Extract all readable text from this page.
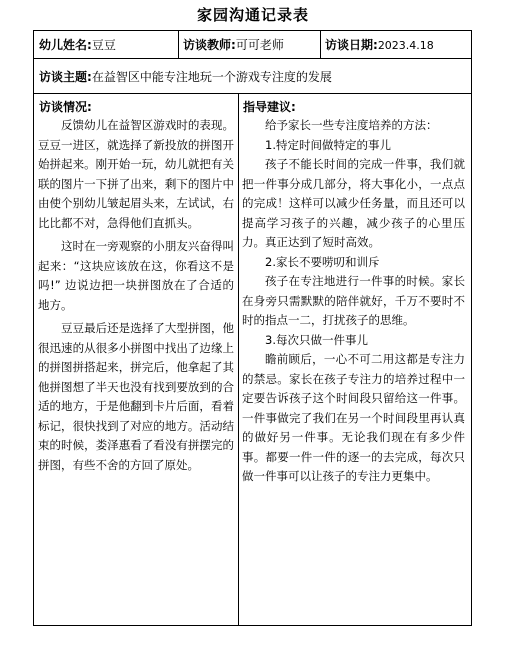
家园沟通记录表
幼儿姓名:豆豆	访谈教师:可可老师	访谈日期:2023.4.18
访谈主题:在益智区中能专注地玩一个游戏专注度的发展
访谈情况:

反馈幼儿在益智区游戏时的表现。豆豆一进区，就选择了新投放的拼图开始拼起来。刚开始一玩，幼儿就把有关联的图片一下拼了出来，剩下的图片中由使个别幼儿皱起眉头来，左试试，右比比都不对，急得他们直抓头。

这时在一旁观察的小朋友兴奋得叫起来：“这块应该放在这，你看这不是吗!” 边说边把一块拼图放在了合适的地方。

豆豆最后还是选择了大型拼图，他很迅速的从很多小拼图中找出了边缘上的拼图拼搭起来，拼完后，他拿起了其他拼图想了半天也没有找到要放到的合适的地方，于是他翻到卡片后面，看着标记，很快找到了对应的地方。活动结束的时候，娄泽惠看了看没有拼摆完的拼图，有些不舍的方回了原处。

指导建议:

给予家长一些专注度培养的方法：

1.特定时间做特定的事儿

孩子不能长时间的完成一件事，我们就把一件事分成几部分，将大事化小，一点点的完成！这样可以减少任务量，而且还可以提高学习孩子的兴趣，减少孩子的心里压力。真正达到了短时高效。

2.家长不要唠叨和训斥

孩子在专注地进行一件事的时候。家长在身旁只需默默的陪伴就好，千万不要时不时的指点一二，打扰孩子的思维。

3.每次只做一件事儿

瞻前顾后，一心不可二用这都是专注力的禁忌。家长在孩子专注力的培养过程中一定要告诉孩子这个时间段只留给这一件事。一件事做完了我们在另一个时间段里再认真的做好另一件事。无论我们现在有多少件事。都要一件一件的逐一的去完成，每次只做一件事可以让孩子的专注力更集中。
